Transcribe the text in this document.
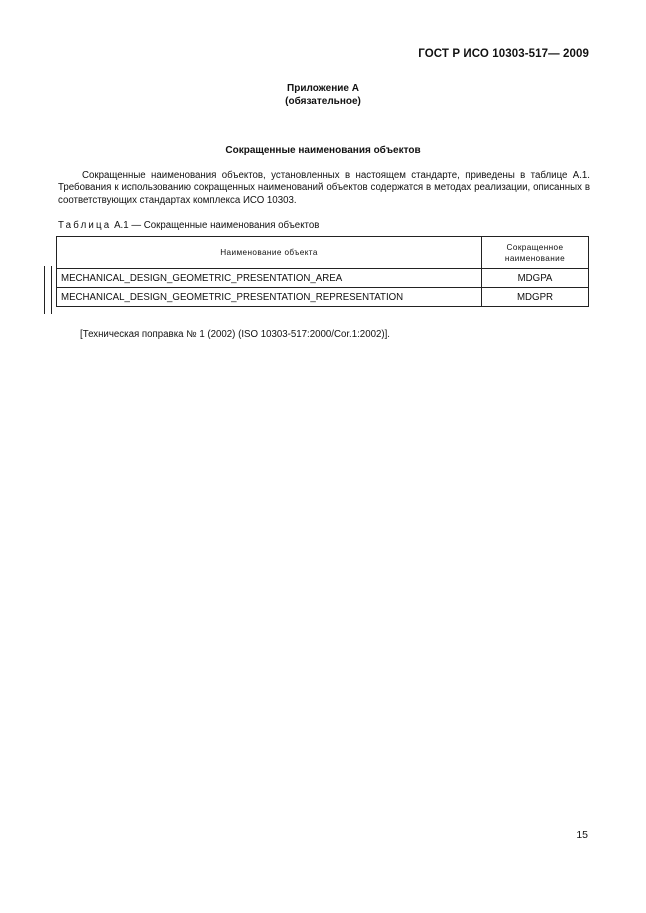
ГОСТ Р ИСО 10303-517— 2009
Приложение А
(обязательное)
Сокращенные наименования объектов
Сокращенные наименования объектов, установленных в настоящем стандарте, приведены в таблице А.1. Требования к использованию сокращенных наименований объектов содержатся в методах реализации, описанных в соответствующих стандартах комплекса ИСО 10303.
Таблица А.1 — Сокращенные наименования объектов
Наименование объекта	Сокращенное наименование
MECHANICAL_DESIGN_GEOMETRIC_PRESENTATION_AREA	MDGPA
MECHANICAL_DESIGN_GEOMETRIC_PRESENTATION_REPRESENTATION	MDGPR
[Техническая поправка № 1 (2002) (ISO 10303-517:2000/Cor.1:2002)].
15
